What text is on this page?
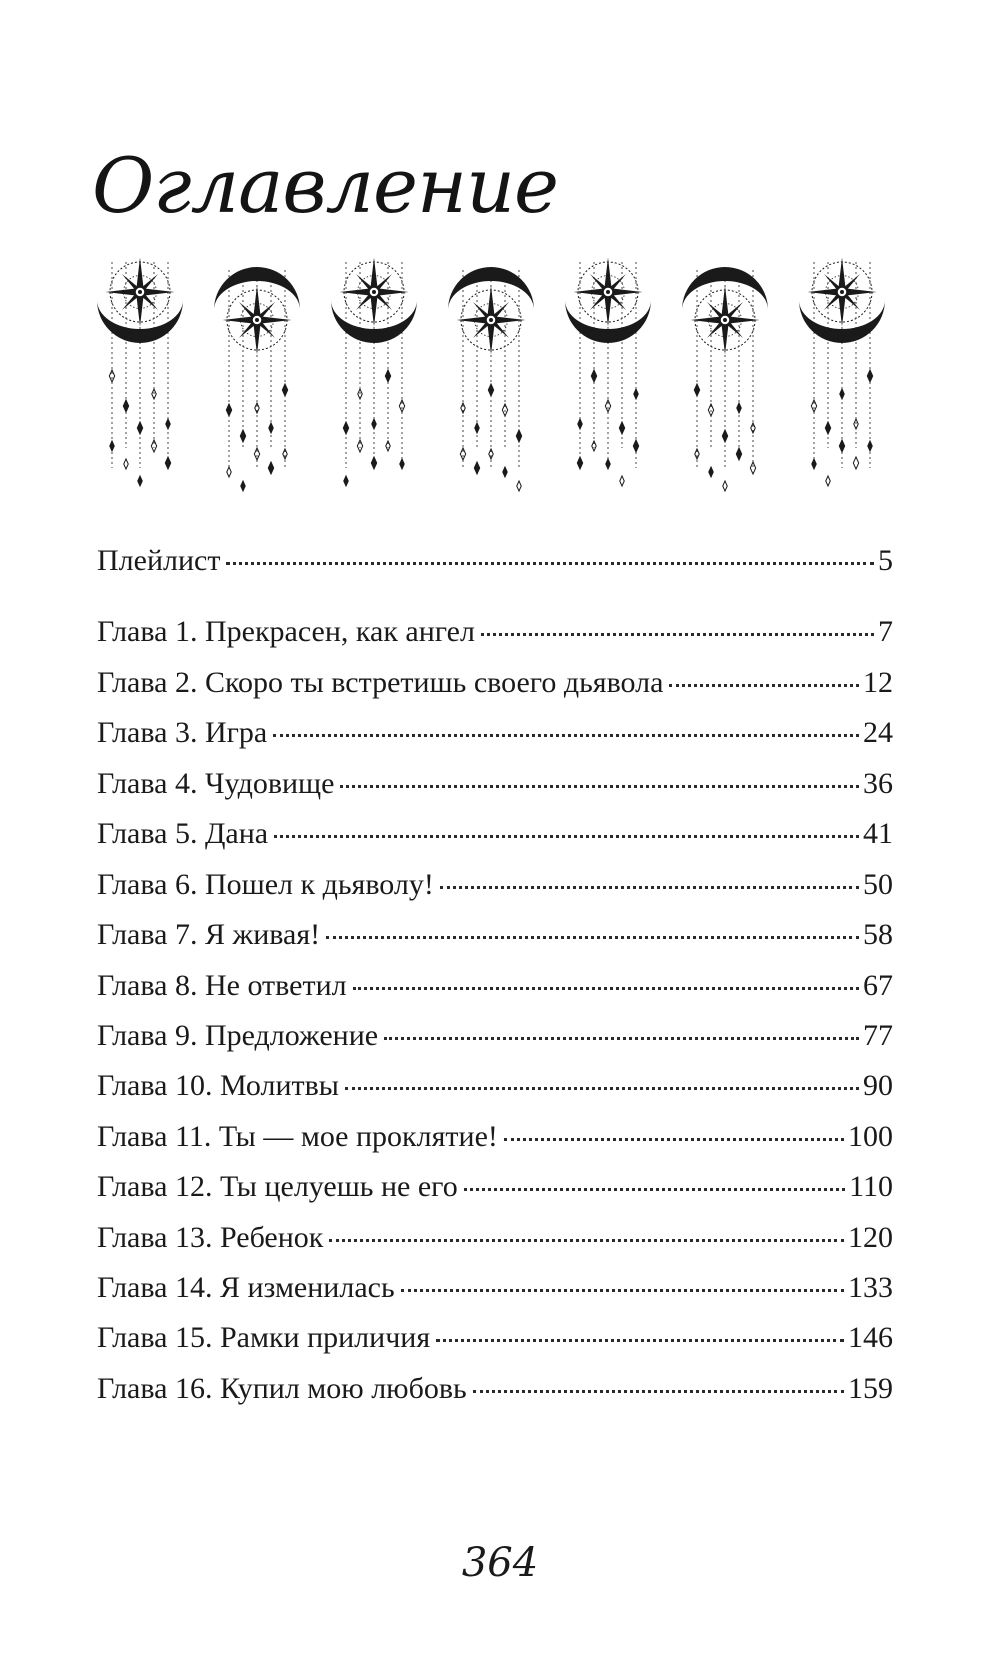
Оглавление
Плейлист	5
Глава 1. Прекрасен, как ангел	7
Глава 2. Скоро ты встретишь своего дьявола	12
Глава 3. Игра	24
Глава 4. Чудовище	36
Глава 5. Дана	41
Глава 6. Пошел к дьяволу!	50
Глава 7. Я живая!	58
Глава 8. Не ответил	67
Глава 9. Предложение	77
Глава 10. Молитвы	90
Глава 11. Ты — мое проклятие!	100
Глава 12. Ты целуешь не его	110
Глава 13. Ребенок	120
Глава 14. Я изменилась	133
Глава 15. Рамки приличия	146
Глава 16. Купил мою любовь	159
364
